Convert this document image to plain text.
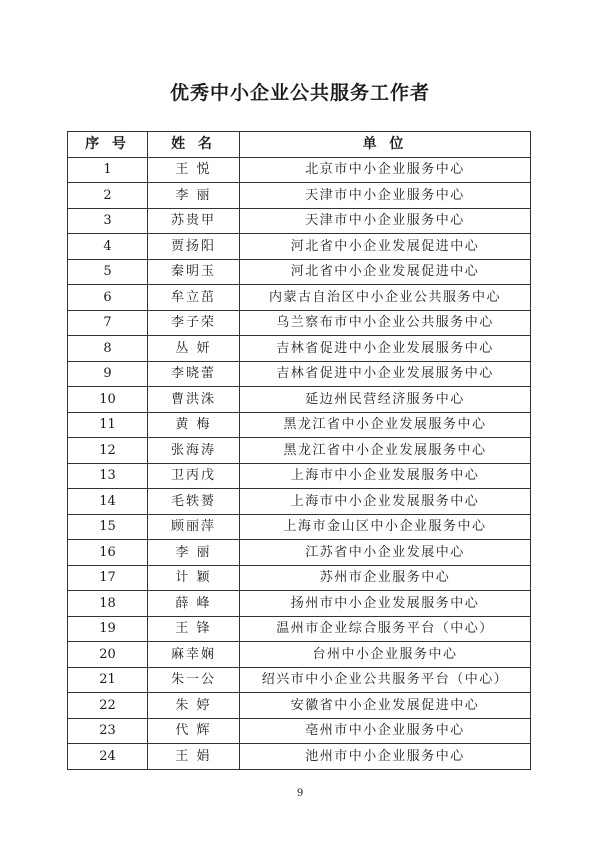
优秀中小企业公共服务工作者
序 号	姓 名	单 位
1	王 悦	北京市中小企业服务中心
2	李 丽	天津市中小企业服务中心
3	苏贵甲	天津市中小企业服务中心
4	贾扬阳	河北省中小企业发展促进中心
5	秦明玉	河北省中小企业发展促进中心
6	牟立茁	内蒙古自治区中小企业公共服务中心
7	李子荣	乌兰察布市中小企业公共服务中心
8	丛 妍	吉林省促进中小企业发展服务中心
9	李晓蕾	吉林省促进中小企业发展服务中心
10	曹洪洙	延边州民营经济服务中心
11	黄 梅	黑龙江省中小企业发展服务中心
12	张海涛	黑龙江省中小企业发展服务中心
13	卫丙戊	上海市中小企业发展服务中心
14	毛轶赟	上海市中小企业发展服务中心
15	顾丽萍	上海市金山区中小企业服务中心
16	李 丽	江苏省中小企业发展中心
17	计 颖	苏州市企业服务中心
18	薛 峰	扬州市中小企业发展服务中心
19	王 锋	温州市企业综合服务平台（中心）
20	麻幸娴	台州中小企业服务中心
21	朱一公	绍兴市中小企业公共服务平台（中心）
22	朱 婷	安徽省中小企业发展促进中心
23	代 辉	亳州市中小企业服务中心
24	王 娟	池州市中小企业服务中心
9
